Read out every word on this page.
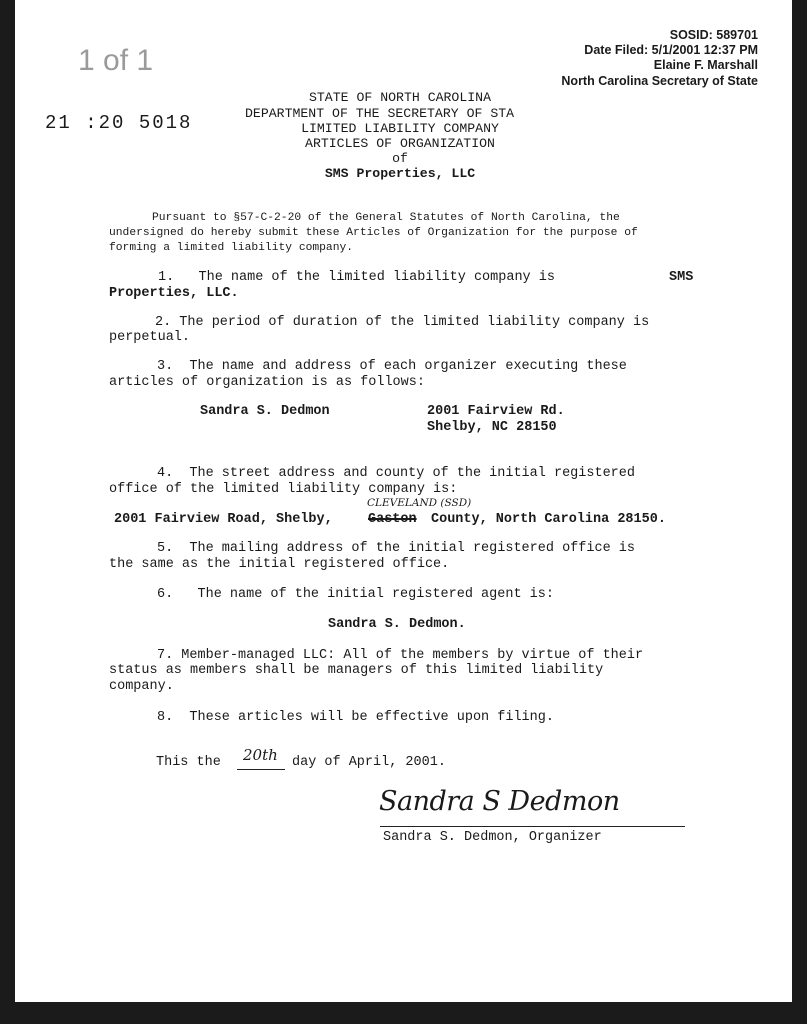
1 of 1
SOSID: 589701
Date Filed: 5/1/2001 12:37 PM
Elaine F. Marshall
North Carolina Secretary of State
21 :20 5018
STATE OF NORTH CAROLINA
DEPARTMENT OF THE SECRETARY OF STA
LIMITED LIABILITY COMPANY
ARTICLES OF ORGANIZATION
of
SMS Properties, LLC
Pursuant to §57-C-2-20 of the General Statutes of North Carolina, the
undersigned do hereby submit these Articles of Organization for the purpose of
forming a limited liability company.
1.   The name of the limited liability company is	SMS
Properties, LLC.
2. The period of duration of the limited liability company is
perpetual.
3.  The name and address of each organizer executing these
articles of organization is as follows:
Sandra S. Dedmon	2001 Fairview Rd.
Shelby, NC 28150
4.  The street address and county of the initial registered
office of the limited liability company is:
CLEVELAND (SSD)
2001 Fairview Road, Shelby,	Gaston County, North Carolina 28150.
5.  The mailing address of the initial registered office is
the same as the initial registered office.
6.   The name of the initial registered agent is:
Sandra S. Dedmon.
7. Member-managed LLC: All of the members by virtue of their
status as members shall be managers of this limited liability
company.
8.  These articles will be effective upon filing.
This the 20th day of April, 2001.
Sandra S Dedmon
Sandra S. Dedmon, Organizer
